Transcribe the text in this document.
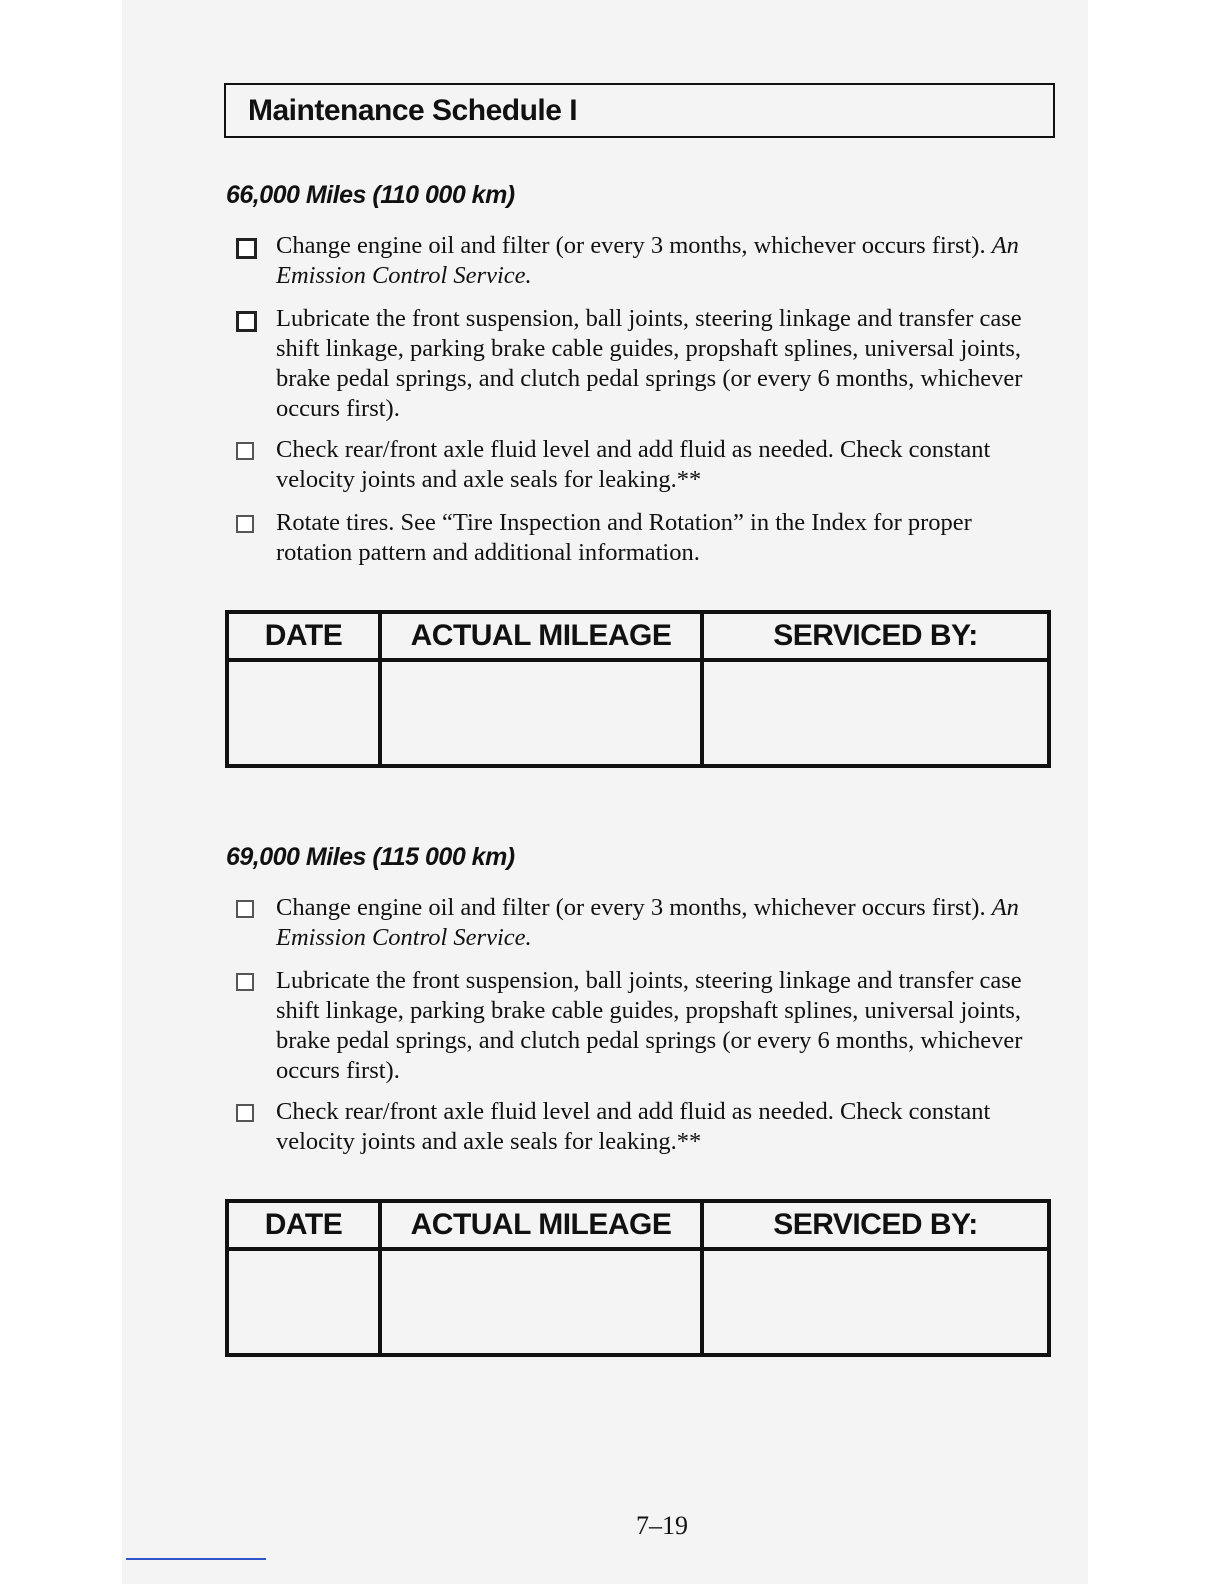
Maintenance Schedule I
66,000 Miles (110 000 km)
Change engine oil and filter (or every 3 months, whichever occurs first). An Emission Control Service.
Lubricate the front suspension, ball joints, steering linkage and transfer case shift linkage, parking brake cable guides, propshaft splines, universal joints, brake pedal springs, and clutch pedal springs (or every 6 months, whichever occurs first).
Check rear/front axle fluid level and add fluid as needed. Check constant velocity joints and axle seals for leaking.**
Rotate tires. See “Tire Inspection and Rotation” in the Index for proper rotation pattern and additional information.
DATE	ACTUAL MILEAGE	SERVICED BY:

69,000 Miles (115 000 km)
Change engine oil and filter (or every 3 months, whichever occurs first). An Emission Control Service.
Lubricate the front suspension, ball joints, steering linkage and transfer case shift linkage, parking brake cable guides, propshaft splines, universal joints, brake pedal springs, and clutch pedal springs (or every 6 months, whichever occurs first).
Check rear/front axle fluid level and add fluid as needed. Check constant velocity joints and axle seals for leaking.**
DATE	ACTUAL MILEAGE	SERVICED BY:

7–19
